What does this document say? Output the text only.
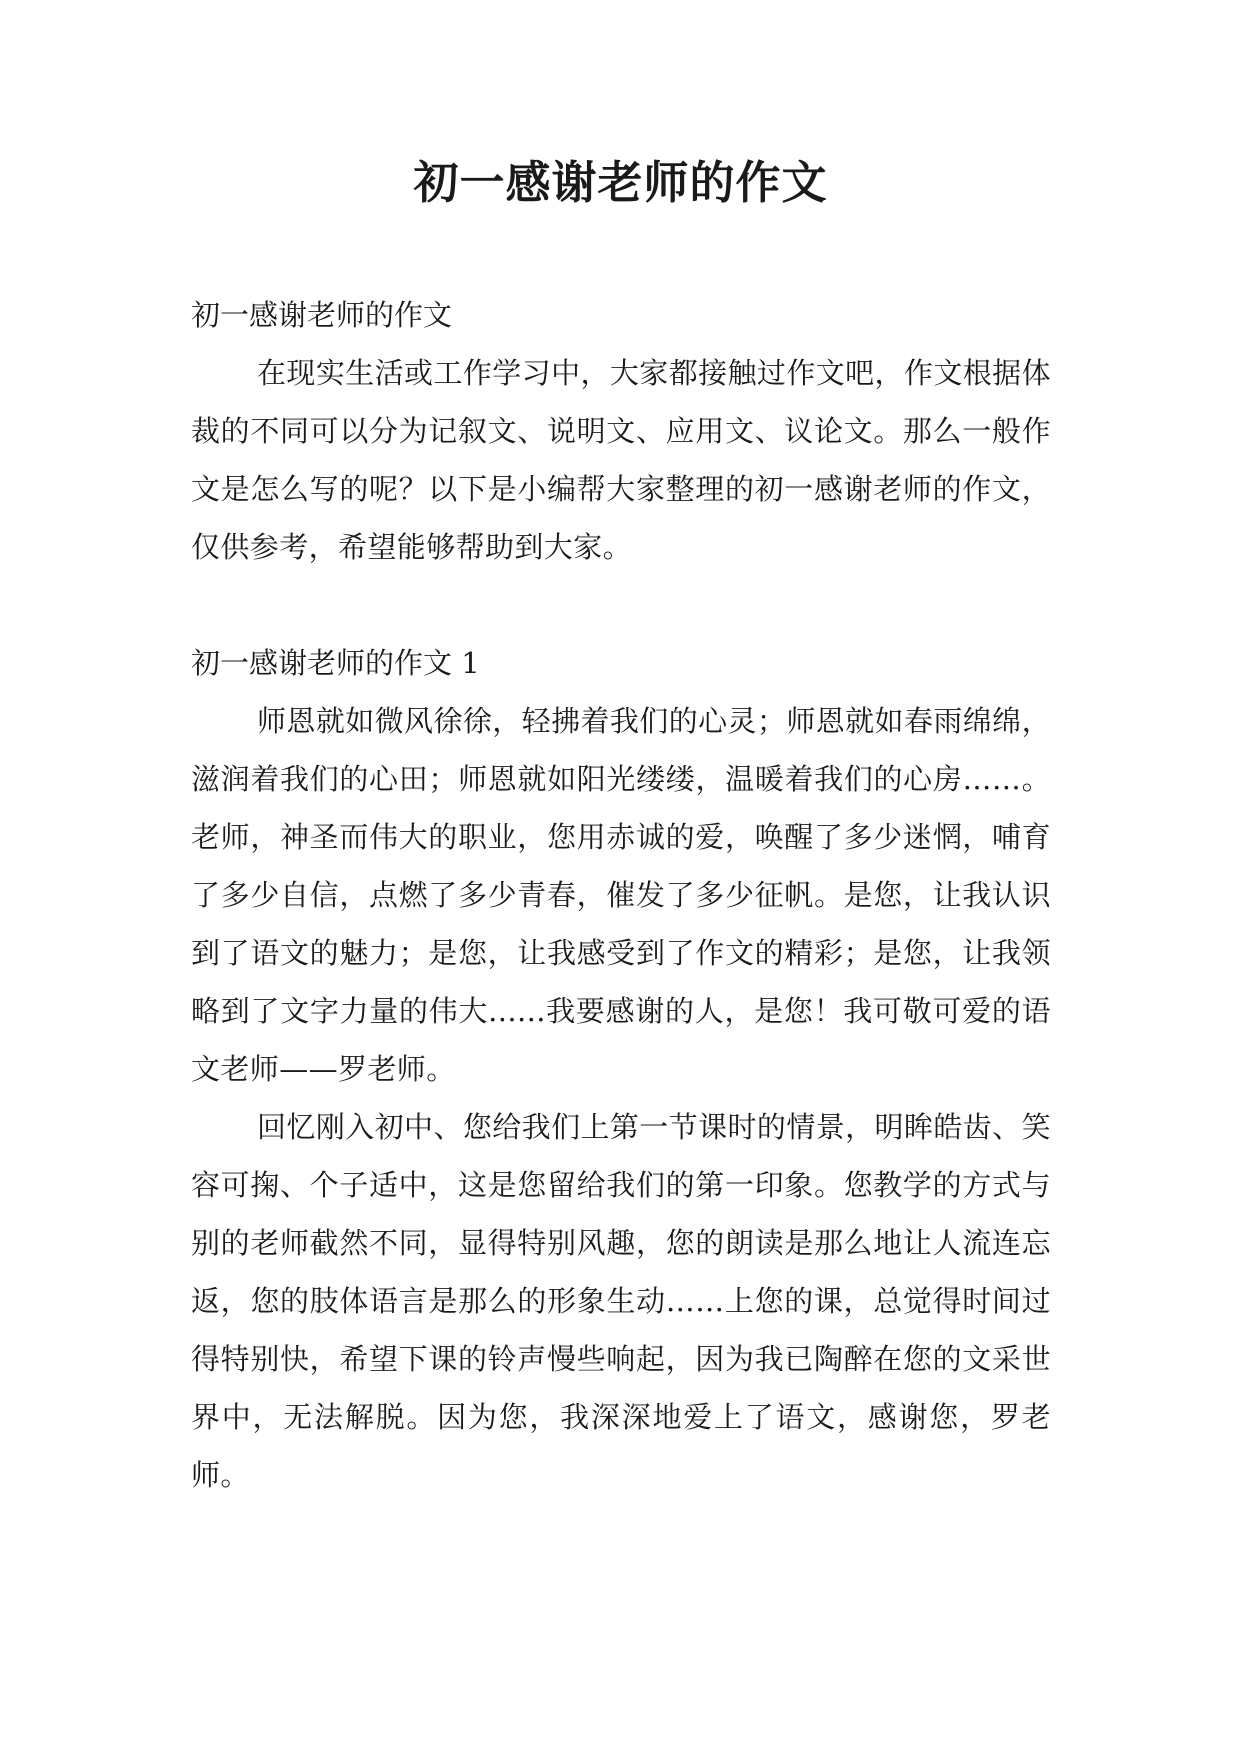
初一感谢老师的作文

初一感谢老师的作文

在现实生活或工作学习中，大家都接触过作文吧，作文根据体裁的不同可以分为记叙文、说明文、应用文、议论文。那么一般作文是怎么写的呢？以下是小编帮大家整理的初一感谢老师的作文，仅供参考，希望能够帮助到大家。

初一感谢老师的作文 1

师恩就如微风徐徐，轻拂着我们的心灵；师恩就如春雨绵绵，滋润着我们的心田；师恩就如阳光缕缕，温暖着我们的心房……。老师，神圣而伟大的职业，您用赤诚的爱，唤醒了多少迷惘，哺育了多少自信，点燃了多少青春，催发了多少征帆。是您，让我认识到了语文的魅力；是您，让我感受到了作文的精彩；是您，让我领略到了文字力量的伟大......我要感谢的人，是您！我可敬可爱的语文老师——罗老师。

回忆刚入初中、您给我们上第一节课时的情景，明眸皓齿、笑容可掬、个子适中，这是您留给我们的第一印象。您教学的方式与别的老师截然不同，显得特别风趣，您的朗读是那么地让人流连忘返，您的肢体语言是那么的形象生动……上您的课，总觉得时间过得特别快，希望下课的铃声慢些响起，因为我已陶醉在您的文采世界中，无法解脱。因为您，我深深地爱上了语文，感谢您，罗老师。
